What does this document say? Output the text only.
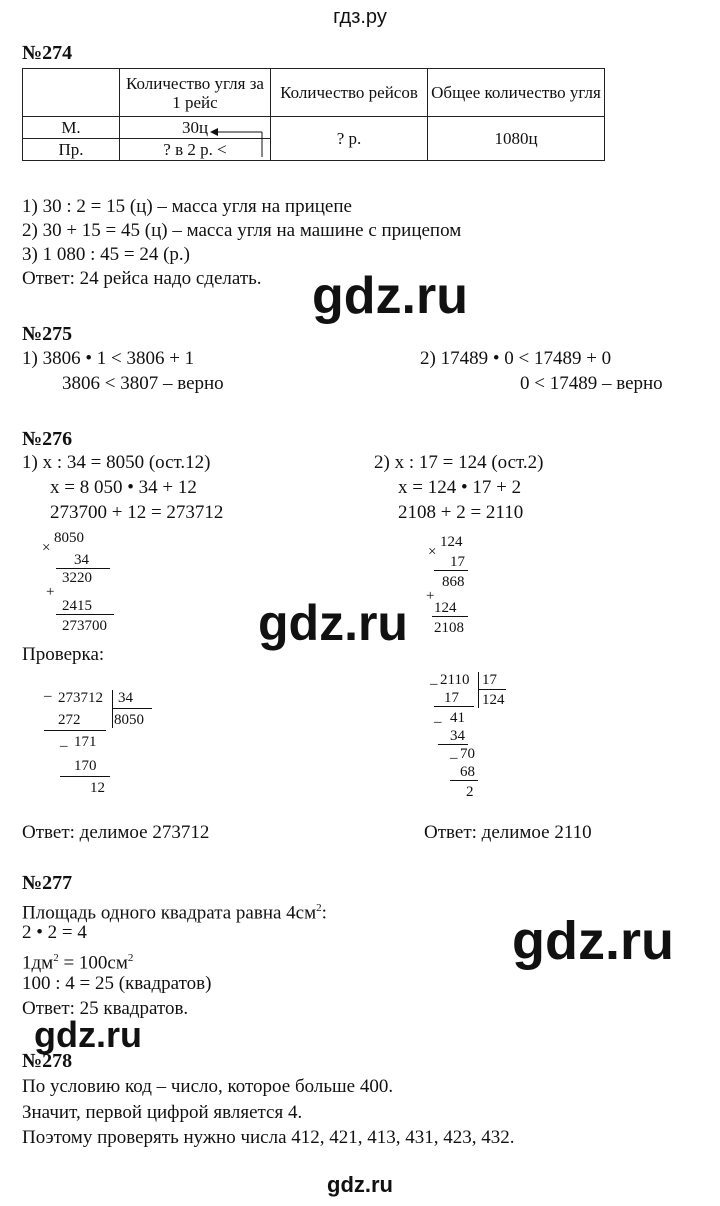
гдз.ру
№274
	Количество угля за 1 рейс	Количество рейсов	Общее количество угля
М.	30ц	? р.	1080ц
Пр.	? в 2 р. <		
1) 30 : 2 = 15 (ц) – масса угля на прицепе
2) 30 + 15 = 45 (ц) – масса угля на машине с прицепом
3) 1 080 : 45 = 24 (р.)
Ответ: 24 рейса надо сделать. gdz.ru
№275
1) 3806 • 1 < 3806 + 1
3806 < 3807 – верно
2) 17489 • 0 < 17489 + 0
0 < 17489 – верно
№276
1) x : 34 = 8050 (ост.12)
x = 8 050 • 34 + 12
273700 + 12 = 273712
2) x : 17 = 124 (ост.2)
x = 124 • 17 + 2
2108 + 2 = 2110
8050
×
34
3220
+
2415
273700
124
×
17
868
+
124
2108
gdz.ru
Проверка:
– 273712 34
272 8050
– 171
170
12
– 2110 17
17 124
– 41
34
– 70
68
2
Ответ: делимое 273712	Ответ: делимое 2110
№277
Площадь одного квадрата равна $4см^2$:
2 • 2 = 4
$1дм^2 = 100см^2$
100 : 4 = 25 (квадратов)
Ответ: 25 квадратов.
gdz.ru
gdz.ru
№278
По условию код – число, которое больше 400.
Значит, первой цифрой является 4.
Поэтому проверять нужно числа 412, 421, 413, 431, 423, 432.
gdz.ru
